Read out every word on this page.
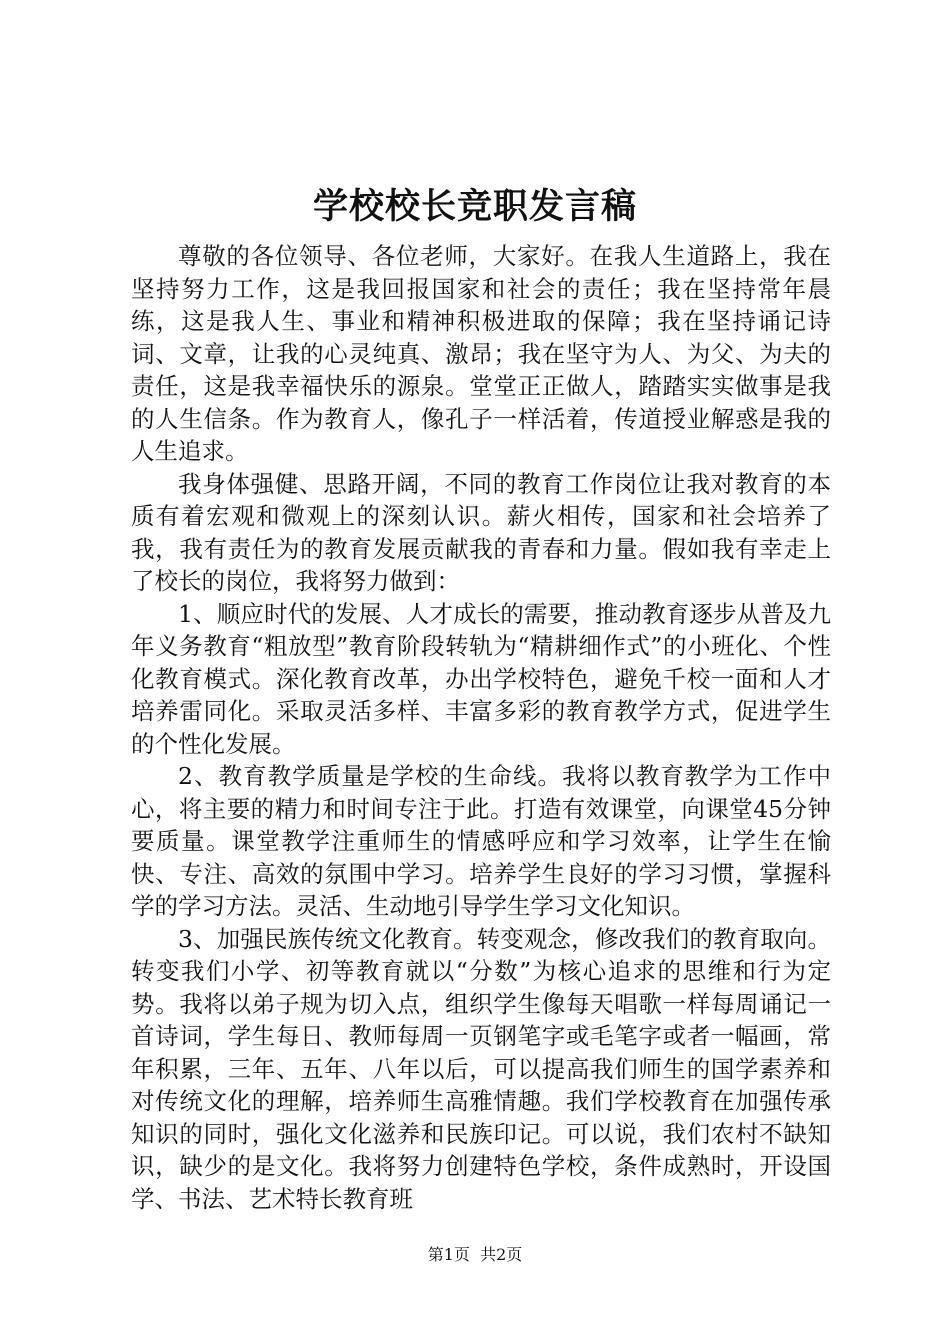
学校校长竞职发言稿

尊敬的各位领导、各位老师，大家好。在我人生道路上，我在坚持努力工作，这是我回报国家和社会的责任；我在坚持常年晨练，这是我人生、事业和精神积极进取的保障；我在坚持诵记诗词、文章，让我的心灵纯真、激昂；我在坚守为人、为父、为夫的责任，这是我幸福快乐的源泉。堂堂正正做人，踏踏实实做事是我的人生信条。作为教育人，像孔子一样活着，传道授业解惑是我的人生追求。

我身体强健、思路开阔，不同的教育工作岗位让我对教育的本质有着宏观和微观上的深刻认识。薪火相传，国家和社会培养了我，我有责任为的教育发展贡献我的青春和力量。假如我有幸走上了校长的岗位，我将努力做到：

1、顺应时代的发展、人才成长的需要，推动教育逐步从普及九年义务教育“粗放型”教育阶段转轨为“精耕细作式”的小班化、个性化教育模式。深化教育改革，办出学校特色，避免千校一面和人才培养雷同化。采取灵活多样、丰富多彩的教育教学方式，促进学生的个性化发展。

2、教育教学质量是学校的生命线。我将以教育教学为工作中心，将主要的精力和时间专注于此。打造有效课堂，向课堂45分钟要质量。课堂教学注重师生的情感呼应和学习效率，让学生在愉快、专注、高效的氛围中学习。培养学生良好的学习习惯，掌握科学的学习方法。灵活、生动地引导学生学习文化知识。

3、加强民族传统文化教育。转变观念，修改我们的教育取向。转变我们小学、初等教育就以“分数”为核心追求的思维和行为定势。我将以弟子规为切入点，组织学生像每天唱歌一样每周诵记一首诗词，学生每日、教师每周一页钢笔字或毛笔字或者一幅画，常年积累，三年、五年、八年以后，可以提高我们师生的国学素养和对传统文化的理解，培养师生高雅情趣。我们学校教育在加强传承知识的同时，强化文化滋养和民族印记。可以说，我们农村不缺知识，缺少的是文化。我将努力创建特色学校，条件成熟时，开设国学、书法、艺术特长教育班

第1页 共2页
